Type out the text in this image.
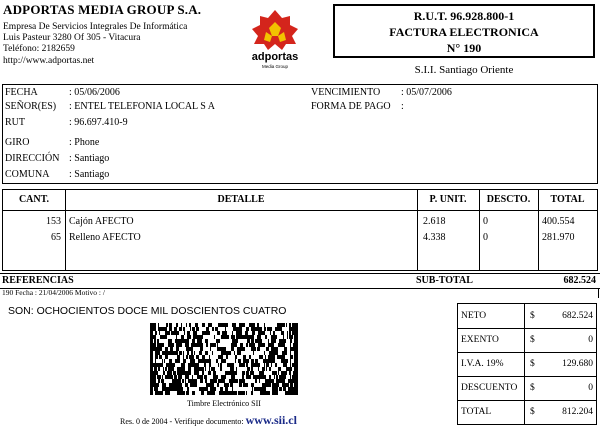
ADPORTAS MEDIA GROUP S.A.
Empresa De Servicios Integrales De Informática
Luis Pasteur 3280 Of 305 - Vitacura
Teléfono: 2182659
http://www.adportas.net	adportas
Media Group
R.U.T. 96.928.800-1
FACTURA ELECTRONICA
N° 190
S.I.I. Santiago Oriente
FECHA	: 05/06/2006
SEÑOR(ES) : ENTEL TELEFONIA LOCAL S A
RUT	: 96.697.410-9
GIRO	: Phone
DIRECCIÓN : Santiago
COMUNA : Santiago
VENCIMIENTO : 05/07/2006
FORMA DE PAGO :
CANT.	DETALLE	P. UNIT.	DESCTO.	TOTAL
153 Cajón AFECTO	2.618	0	400.554
65 Relleno AFECTO	4.338	0	281.970
REFERENCIAS	SUB-TOTAL	682.524
190 Fecha : 21/04/2006 Motivo : /
SON: OCHOCIENTOS DOCE MIL DOSCIENTOS CUATRO
Timbre Electrónico SII
Res. 0 de 2004 - Verifique documento: www.sii.cl
NETO	$	682.524
EXENTO	$	0
I.V.A. 19%	$	129.680
DESCUENTO $	0
TOTAL	$	812.204
